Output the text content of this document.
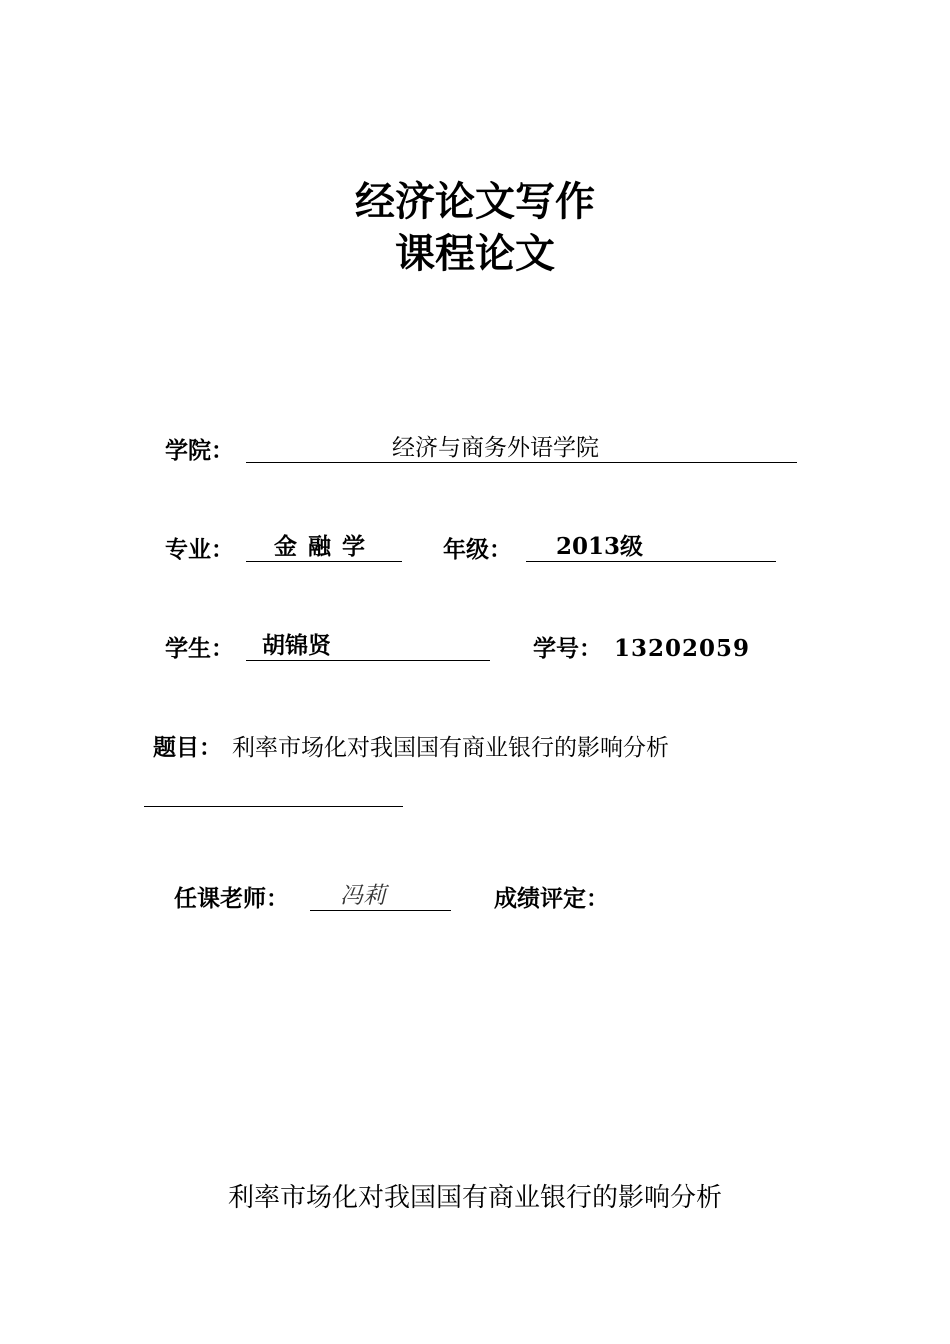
经济论文写作
课程论文
学院：	经济与商务外语学院
专业： 金融学	年级： 2013级
学生： 胡锦贤	学号： 13202059
题目： 利率市场化对我国国有商业银行的影响分析
任课老师： 冯莉	成绩评定：
利率市场化对我国国有商业银行的影响分析
